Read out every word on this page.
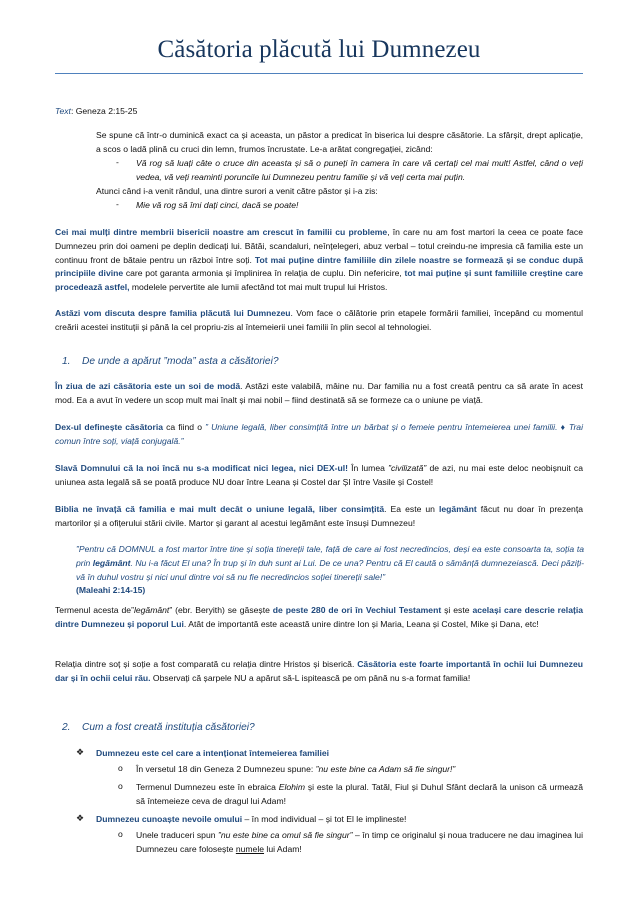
Căsătoria plăcută lui Dumnezeu
Text: Geneza 2:15-25
Se spune că într-o duminică exact ca și aceasta, un păstor a predicat în biserica lui despre căsătorie. La sfârșit, drept aplicație, a scos o ladă plină cu cruci din lemn, frumos încrustate. Le-a arătat congregației, zicând:
- Vă rog să luați câte o cruce din aceasta și să o puneți în camera în care vă certați cel mai mult! Astfel, când o veți vedea, vă veți reaminti poruncile lui Dumnezeu pentru familie și vă veți certa mai puțin.
Atunci când i-a venit rândul, una dintre surori a venit către păstor și i-a zis:
- Mie vă rog să îmi dați cinci, dacă se poate!
Cei mai mulți dintre membrii bisericii noastre am crescut în familii cu probleme, în care nu am fost martori la ceea ce poate face Dumnezeu prin doi oameni pe deplin dedicați lui. Bătăi, scandaluri, neînțelegeri, abuz verbal – totul creindu-ne impresia că familia este un continuu front de bătaie pentru un război între soți. Tot mai puține dintre familiile din zilele noastre se formează și se conduc după principiile divine care pot garanta armonia și împlinirea în relația de cuplu. Din nefericire, tot mai puține și sunt familiile creștine care procedează astfel, modelele pervertite ale lumii afectând tot mai mult trupul lui Hristos.
Astăzi vom discuta despre familia plăcută lui Dumnezeu. Vom face o călătorie prin etapele formării familiei, începând cu momentul creării acestei instituții și până la cel propriu-zis al întemeierii unei familii în plin secol al tehnologiei.
1. De unde a apărut ”moda” asta a căsătoriei?
În ziua de azi căsătoria este un soi de modă. Astăzi este valabilă, mâine nu. Dar familia nu a fost creată pentru ca să arate în acest mod. Ea a avut în vedere un scop mult mai înalt și mai nobil – fiind destinată să se formeze ca o uniune pe viață.
Dex-ul definește căsătoria ca fiind o ” Uniune legală, liber consimțită între un bărbat și o femeie pentru întemeierea unei familii. ♦ Trai comun între soți, viață conjugală.”
Slavă Domnului că la noi încă nu s-a modificat nici legea, nici DEX-ul! În lumea ”civilizată” de azi, nu mai este deloc neobișnuit ca uniunea asta legală să se poată produce NU doar între Leana și Costel dar ȘI între Vasile și Costel!
Biblia ne învață că familia e mai mult decât o uniune legală, liber consimțită. Ea este un legământ făcut nu doar în prezența martorilor și a ofițerului stării civile. Martor și garant al acestui legământ este însuși Dumnezeu!
”Pentru că DOMNUL a fost martor între tine și soția tinereții tale, față de care ai fost necredincios, deși ea este consoarta ta, soția ta prin legământ. Nu i-a făcut El una? În trup și în duh sunt ai Lui. De ce una? Pentru că El caută o sămânță dumnezeiască. Deci păziți-vă în duhul vostru și nici unul dintre voi să nu fie necredincios soției tinereții sale!”
(Maleahi 2:14-15)
Termenul acesta de”legământ” (ebr. Beryith) se găsește de peste 280 de ori în Vechiul Testament și este același care descrie relația dintre Dumnezeu și poporul Lui. Atât de importantă este această unire dintre Ion și Maria, Leana și Costel, Mike și Dana, etc!
Relația dintre soț și soție a fost comparată cu relația dintre Hristos și biserică. Căsătoria este foarte importantă în ochii lui Dumnezeu dar și în ochii celui rău. Observați că șarpele NU a apărut să-L ispitească pe om până nu s-a format familia!
2. Cum a fost creată instituția căsătoriei?
❖ Dumnezeu este cel care a intenționat întemeierea familiei
o În versetul 18 din Geneza 2 Dumnezeu spune: ”nu este bine ca Adam să fie singur!”
o Termenul Dumnezeu este în ebraica Elohim și este la plural. Tatăl, Fiul și Duhul Sfânt declară la unison că urmează să întemeieze ceva de dragul lui Adam!
❖ Dumnezeu cunoaște nevoile omului – în mod individual – și tot El le implineste!
o Unele traduceri spun ”nu este bine ca omul să fie singur” – în timp ce originalul și noua traducere ne dau imaginea lui Dumnezeu care folosește numele lui Adam!
